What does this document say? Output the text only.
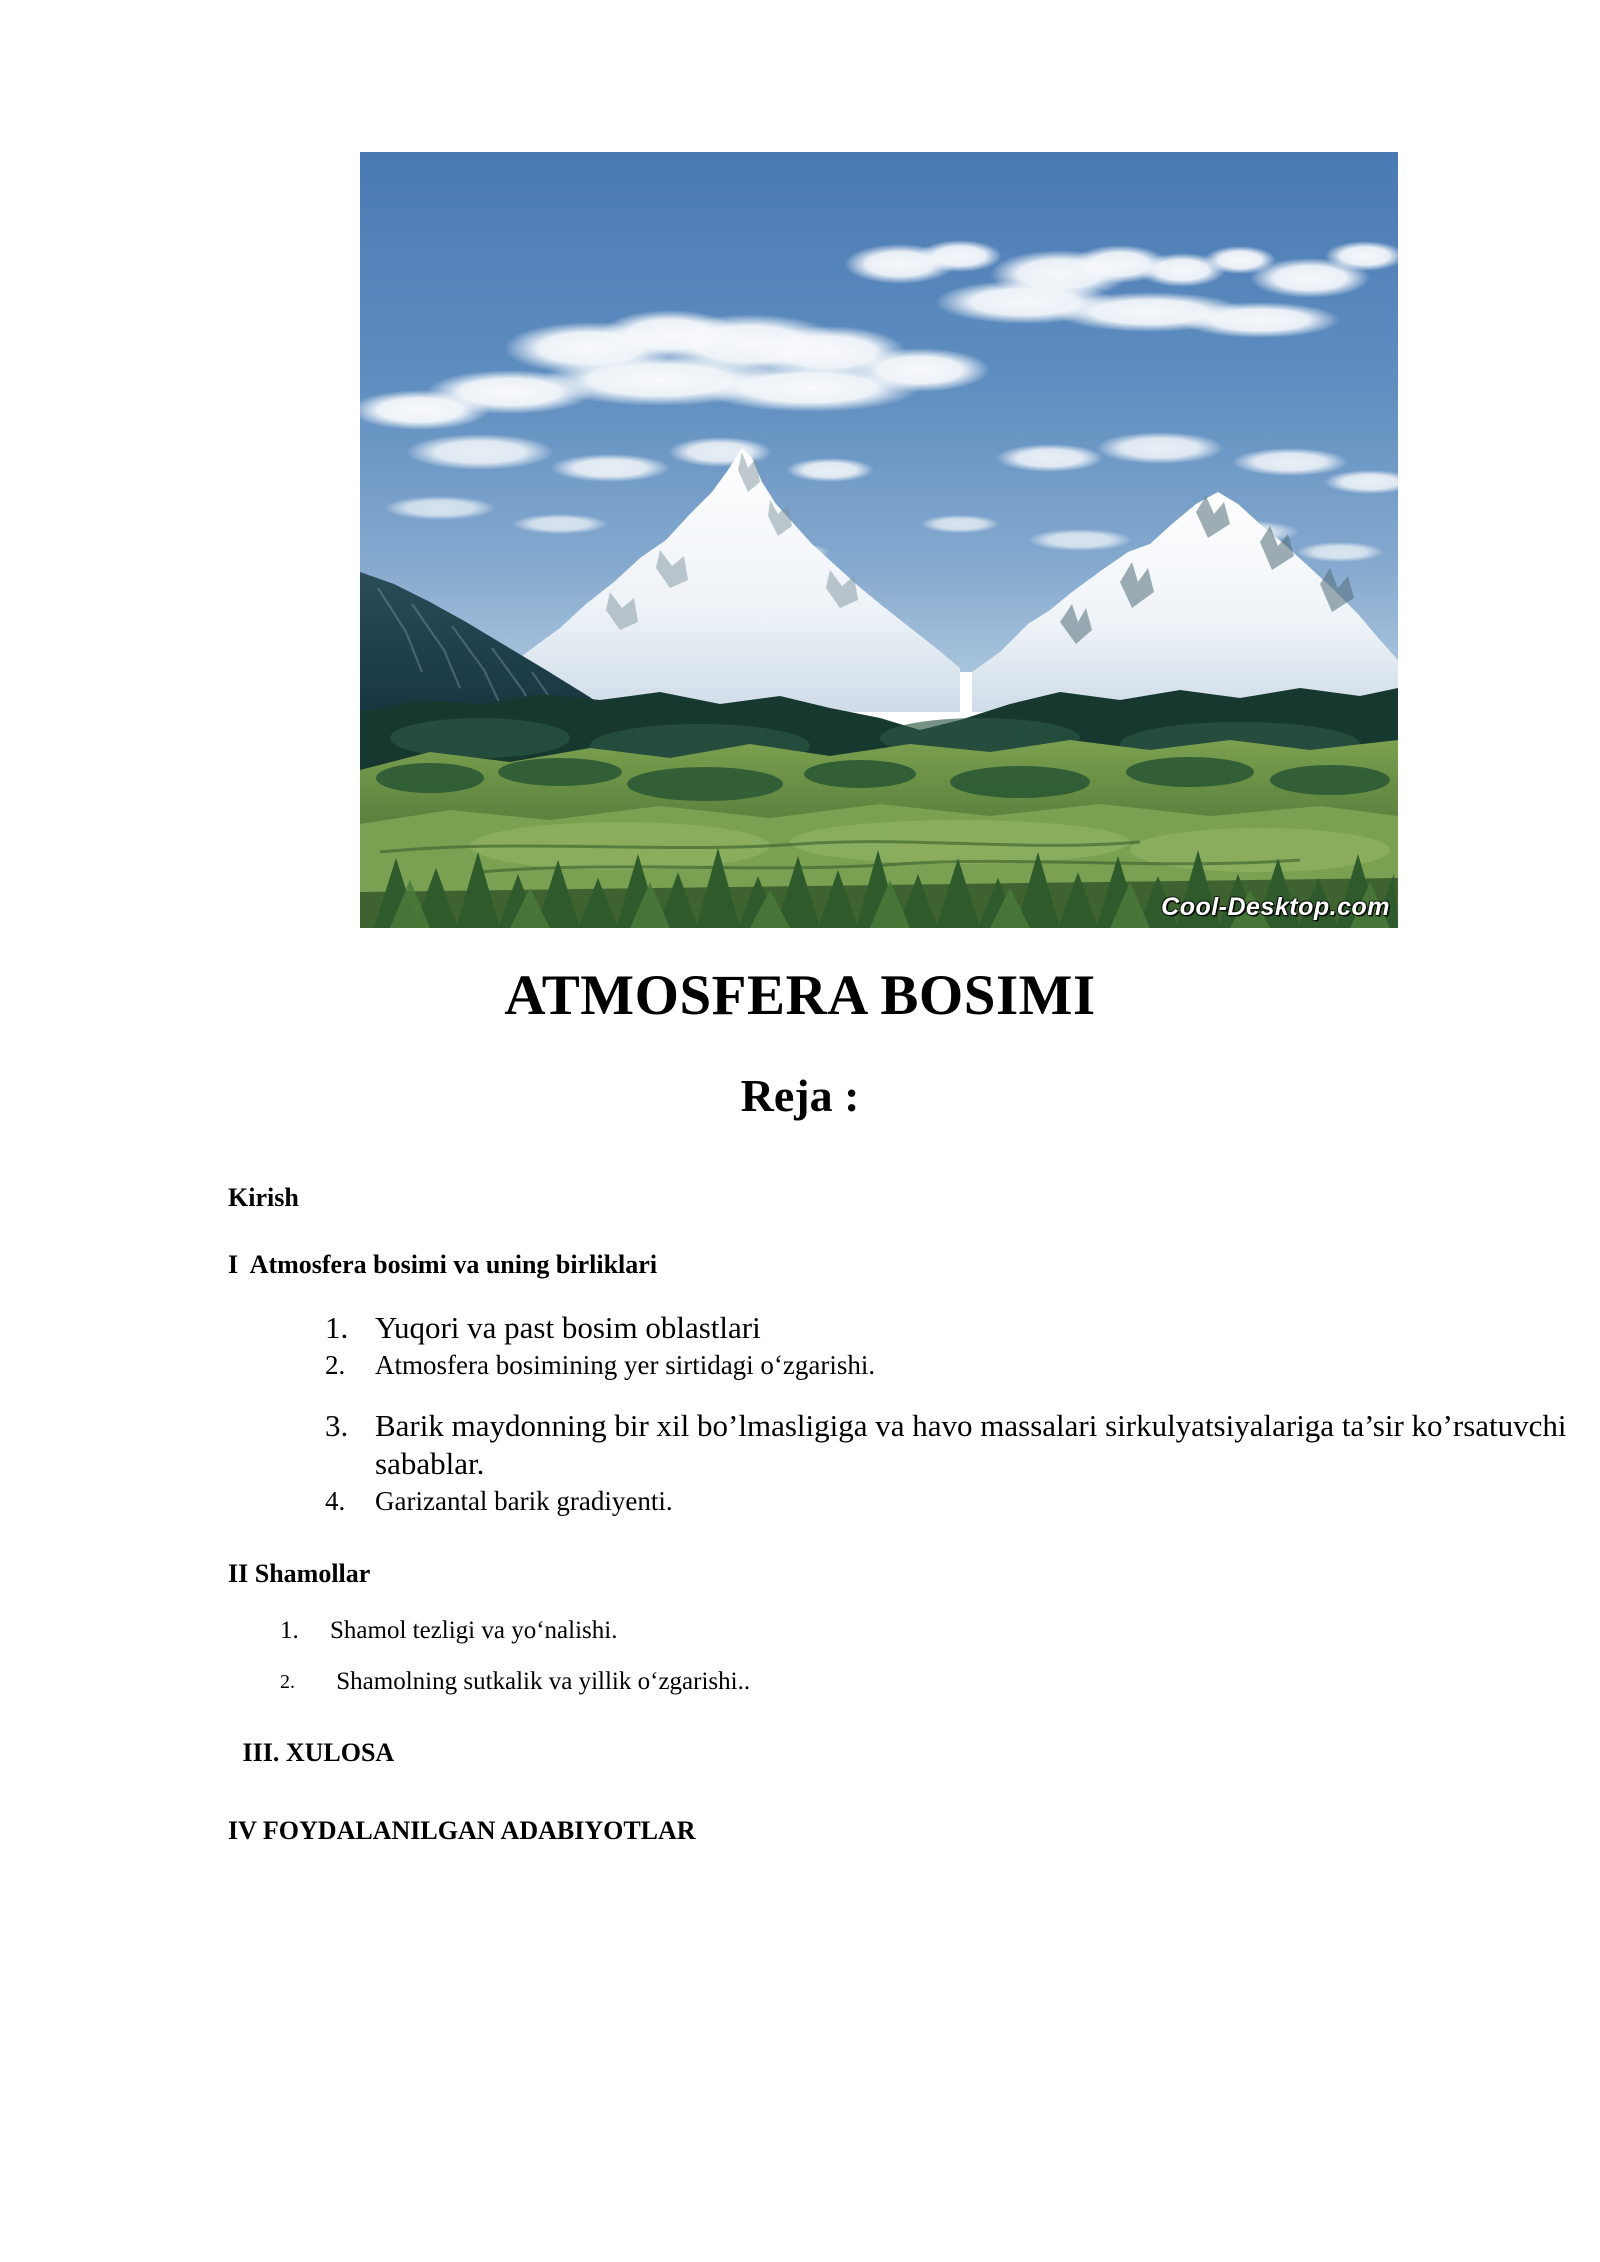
Cool-Desktop.com
ATMOSFERA BOSIMI
Reja :
Kirish
I  Atmosfera bosimi va uning birliklari
1. Yuqori va past bosim oblastlari
2. Atmosfera bosimining yer sirtidagi o‘zgarishi.
3. Barik maydonning bir xil bo’lmasligiga va havo massalari sirkulyatsiyalariga ta’sir ko’rsatuvchi sabablar.
4. Garizantal barik gradiyenti.
II Shamollar
1. Shamol tezligi va yo‘nalishi.
2. Shamolning sutkalik va yillik o‘zgarishi..
III. XULOSA
IV FOYDALANILGAN ADABIYOTLAR
